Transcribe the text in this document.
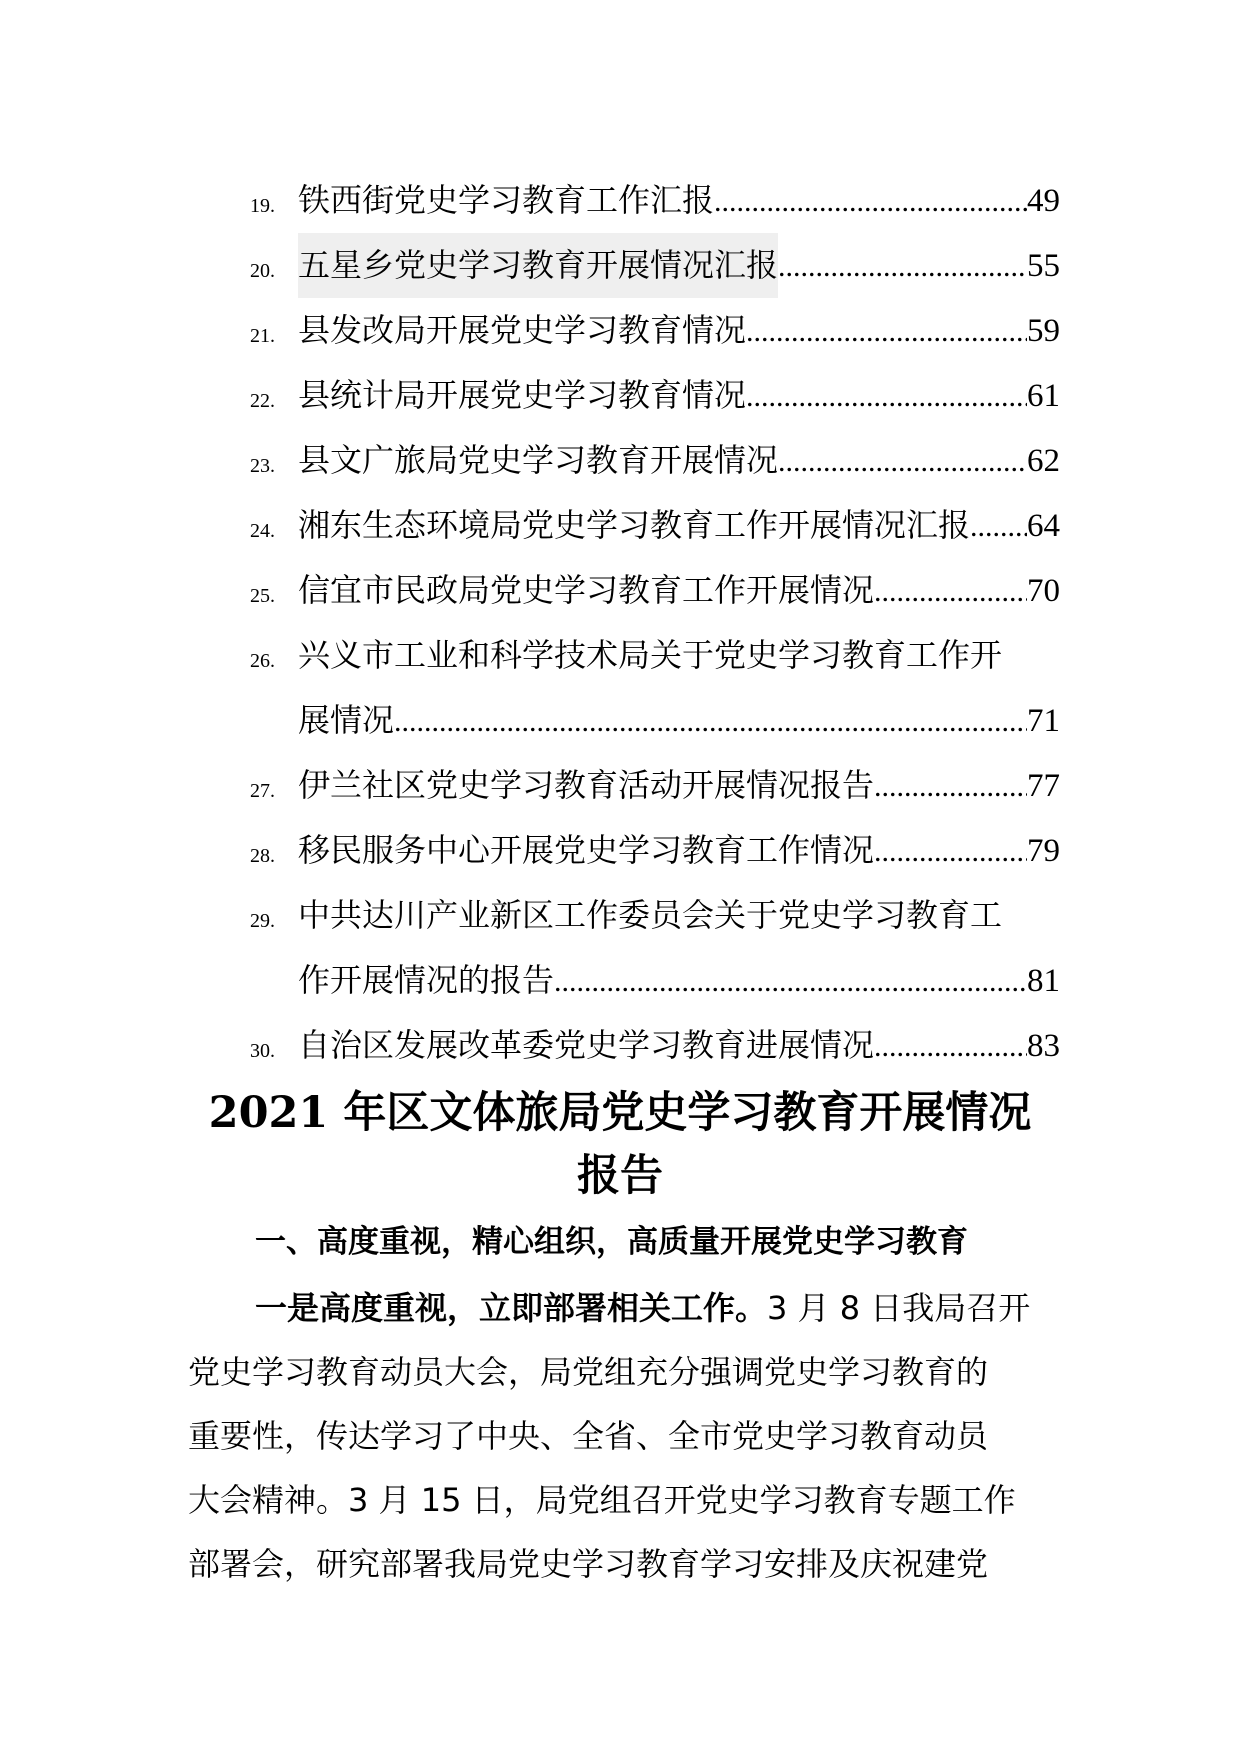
19. 铁西街党史学习教育工作汇报 .....	49
20. 五星乡党史学习教育开展情况汇报 .....	55
21. 县发改局开展党史学习教育情况 .....	59
22. 县统计局开展党史学习教育情况 .....	61
23. 县文广旅局党史学习教育开展情况 .....	62
24. 湘东生态环境局党史学习教育工作开展情况汇报 ..... 64
25. 信宜市民政局党史学习教育工作开展情况 .....	70
26. 兴义市工业和科学技术局关于党史学习教育工作开
展情况 .....	71
27. 伊兰社区党史学习教育活动开展情况报告 .....	77
28. 移民服务中心开展党史学习教育工作情况 .....	79
29. 中共达川产业新区工作委员会关于党史学习教育工
作开展情况的报告 .....	81
30. 自治区发展改革委党史学习教育进展情况 .....	83
2021 年区文体旅局党史学习教育开展情况
报告
一、高度重视，精心组织，高质量开展党史学习教育
一是高度重视，立即部署相关工作。3 月 8 日我局召开
党史学习教育动员大会，局党组充分强调党史学习教育的
重要性，传达学习了中央、全省、全市党史学习教育动员
大会精神。3 月 15 日，局党组召开党史学习教育专题工作
部署会，研究部署我局党史学习教育学习安排及庆祝建党
